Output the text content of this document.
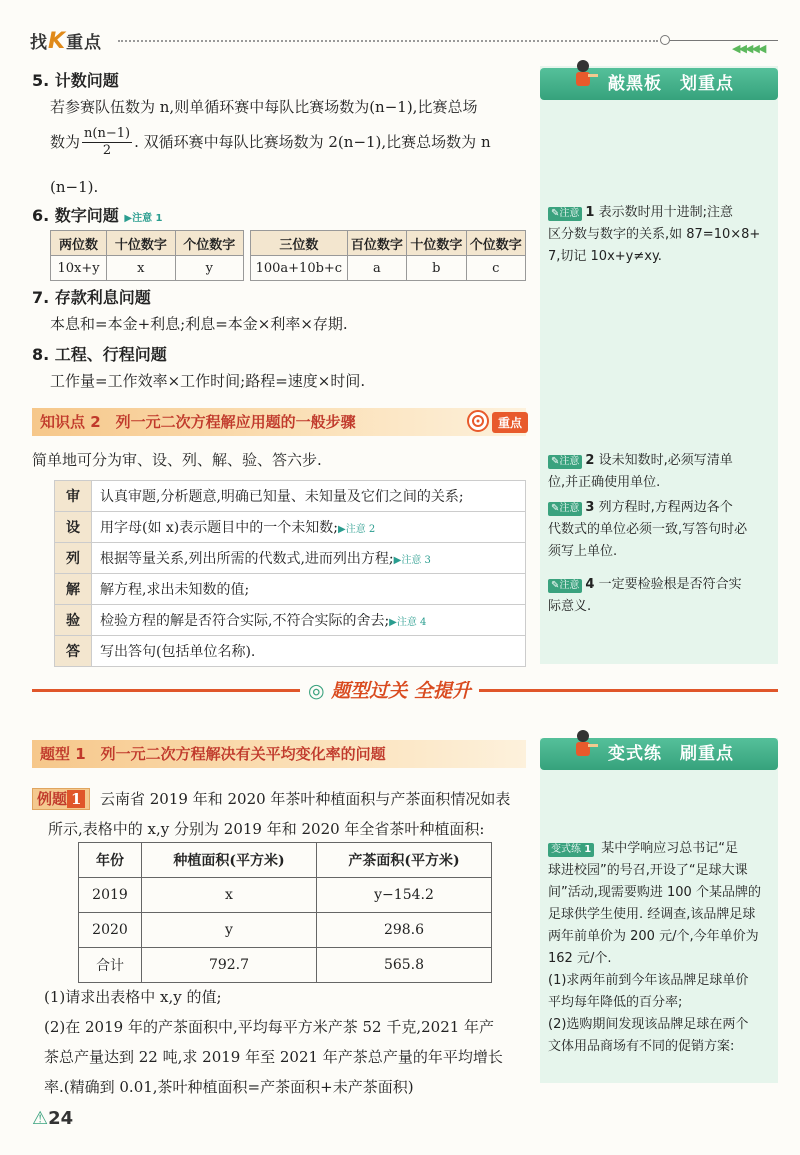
找K重点	◀◀◀◀◀
敲黑板　划重点
✎注意 1 表示数时用十进制;注意
区分数与数字的关系,如 87=10×8+
7,切记 10x+y≠xy.
✎注意 2 设未知数时,必须写清单
位,并正确使用单位.
✎注意 3 列方程时,方程两边各个
代数式的单位必须一致,写答句时必
须写上单位.
✎注意 4 一定要检验根是否符合实
际意义.
5. 计数问题
若参赛队伍数为 n,则单循环赛中每队比赛场数为(n−1),比赛总场
数为 n(n−1)
2 . 双循环赛中每队比赛场数为 2(n−1),比赛总场数为 n
(n−1).
6. 数字问题 ▶注意 1
两位数	十位数字	个位数字
10x+y	x	y
三位数	百位数字	十位数字	个位数字
100a+10b+c	a	b	c
7. 存款利息问题
本息和=本金+利息;利息=本金×利率×存期.
8. 工程、行程问题
工作量=工作效率×工作时间;路程=速度×时间.
知识点 2　列一元二次方程解应用题的一般步骤	重点
简单地可分为审、设、列、解、验、答六步.
审	认真审题,分析题意,明确已知量、未知量及它们之间的关系;
设	用字母(如 x)表示题目中的一个未知数;▶注意 2
列	根据等量关系,列出所需的代数式,进而列出方程;▶注意 3
解	解方程,求出未知数的值;
验	检验方程的解是否符合实际,不符合实际的舍去;▶注意 4
答	写出答句(包括单位名称).
◎ 题型过关 全提升
题型 1　列一元二次方程解决有关平均变化率的问题
例题 1 云南省 2019 年和 2020 年茶叶种植面积与产茶面积情况如表
所示,表格中的 x,y 分别为 2019 年和 2020 年全省茶叶种植面积:
年份	种植面积(平方米)	产茶面积(平方米)
2019	x	y−154.2
2020	y	298.6
合计	792.7	565.8
(1)请求出表格中 x,y 的值;
(2)在 2019 年的产茶面积中,平均每平方米产茶 52 千克,2021 年产
茶总产量达到 22 吨,求 2019 年至 2021 年产茶总产量的年平均增长
率.(精确到 0.01,茶叶种植面积=产茶面积+未产茶面积)
变式练　刷重点
变式练 1 某中学响应习总书记“足
球进校园”的号召,开设了“足球大课
间”活动,现需要购进 100 个某品牌的
足球供学生使用. 经调查,该品牌足球
两年前单价为 200 元/个,今年单价为
162 元/个.
(1)求两年前到今年该品牌足球单价
平均每年降低的百分率;
(2)选购期间发现该品牌足球在两个
文体用品商场有不同的促销方案:
⚠24
